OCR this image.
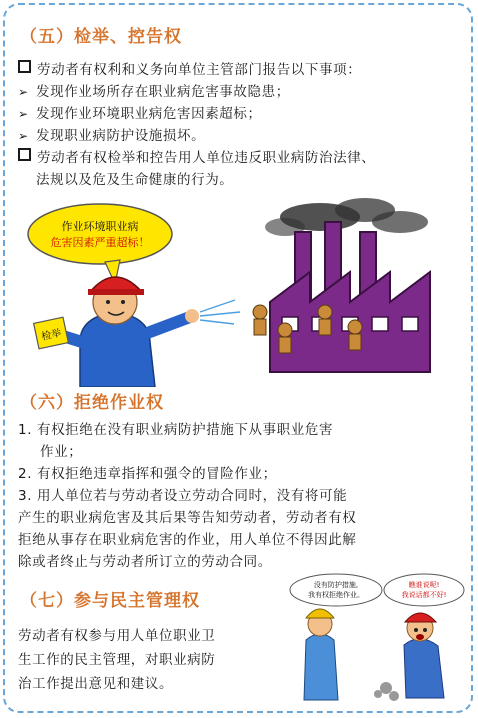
（五）检举、控告权
劳动者有权利和义务向单位主管部门报告以下事项：
➢ 发现作业场所存在职业病危害事故隐患；
➢ 发现作业环境职业病危害因素超标；
➢ 发现职业病防护设施损坏。
劳动者有权检举和控告用人单位违反职业病防治法律、
法规以及危及生命健康的行为。
作业环境职业病
危害因素严重超标！
检举
（六）拒绝作业权
1. 有权拒绝在没有职业病防护措施下从事职业危害
作业；
2. 有权拒绝违章指挥和强令的冒险作业；
3. 用人单位若与劳动者设立劳动合同时，没有将可能
产生的职业病危害及其后果等告知劳动者，劳动者有权
拒绝从事存在职业病危害的作业，用人单位不得因此解
除或者终止与劳动者所订立的劳动合同。
（七）参与民主管理权
劳动者有权参与用人单位职业卫
生工作的民主管理，对职业病防
治工作提出意见和建议。
没有防护措施,
我有权拒绝作业。
瞧谁说呢!
我说话都不好!
